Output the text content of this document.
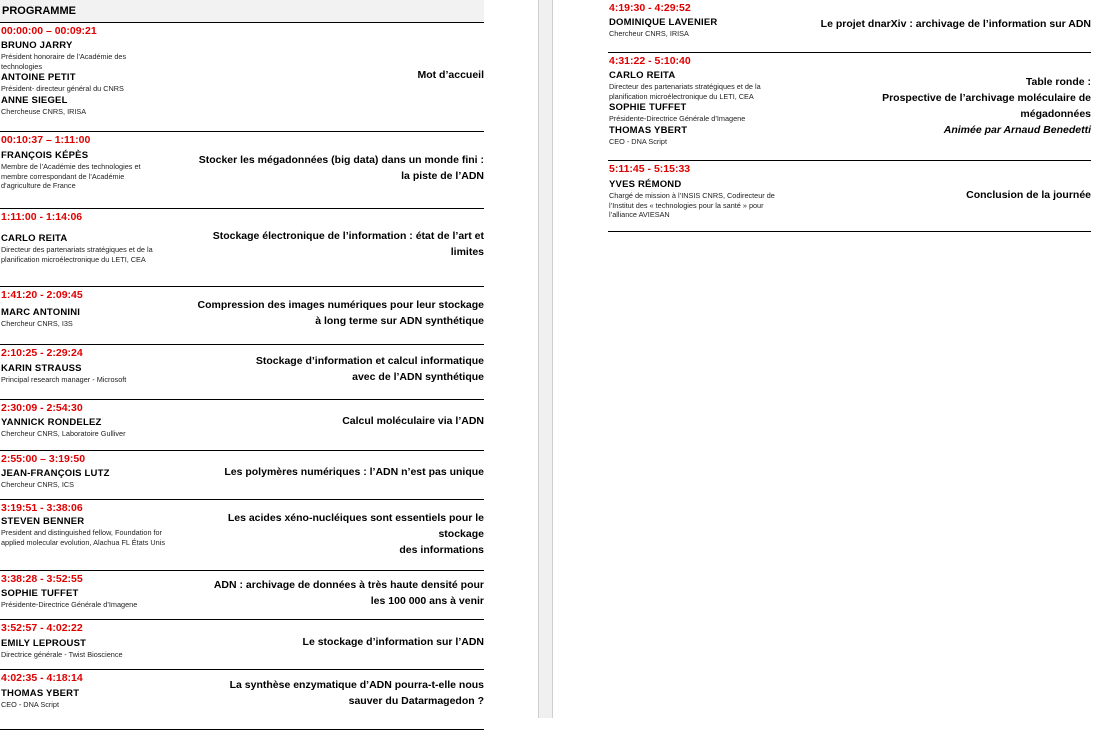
PROGRAMME
00:00:00 – 00:09:21
BRUNO JARRY
Président honoraire de l'Académie des technologies
ANTOINE PETIT
Président- directeur général du CNRS
ANNE SIEGEL
Chercheuse CNRS, IRISA
Mot d’accueil
00:10:37 – 1:11:00
FRANÇOIS KÉPÈS
Membre de l’Académie des technologies et membre correspondant de l’Académie d’agriculture de France
Stocker les mégadonnées (big data) dans un monde fini :
la piste de l’ADN
1:11:00 - 1:14:06
CARLO REITA
Directeur des partenariats stratégiques et de la planification microélectronique du LETI, CEA
Stockage électronique de l’information : état de l’art et
limites
1:41:20 - 2:09:45
MARC ANTONINI
Chercheur CNRS, I3S
Compression des images numériques pour leur stockage
à long terme sur ADN synthétique
2:10:25 - 2:29:24
KARIN STRAUSS
Principal research manager - Microsoft
Stockage d’information et calcul informatique
avec de l’ADN synthétique
2:30:09 - 2:54:30
YANNICK RONDELEZ
Chercheur CNRS, Laboratoire Gulliver
Calcul moléculaire via l’ADN
2:55:00 – 3:19:50
JEAN-FRANÇOIS LUTZ
Chercheur CNRS, ICS
Les polymères numériques : l’ADN n’est pas unique
3:19:51 - 3:38:06
STEVEN BENNER
President and distinguished fellow, Foundation for applied molecular evolution, Alachua FL États Unis
Les acides xéno-nucléiques sont essentiels pour le
stockage
des informations
3:38:28 - 3:52:55
SOPHIE TUFFET
Présidente-Directrice Générale d’Imagene
ADN : archivage de données à très haute densité pour
les 100 000 ans à venir
3:52:57 - 4:02:22
EMILY LEPROUST
Directrice générale - Twist Bioscience
Le stockage d’information sur l’ADN
4:02:35 - 4:18:14
THOMAS YBERT
CEO - DNA Script
La synthèse enzymatique d’ADN pourra-t-elle nous
sauver du Datarmagedon ?
4:19:30 - 4:29:52
DOMINIQUE LAVENIER
Chercheur CNRS, IRISA
Le projet dnarXiv : archivage de l’information sur ADN
4:31:22 - 5:10:40
CARLO REITA
Directeur des partenariats stratégiques et de la planification microélectronique du LETI, CEA
SOPHIE TUFFET
Présidente-Directrice Générale d’Imagene
THOMAS YBERT
CEO - DNA Script
Table ronde :
Prospective de l’archivage moléculaire de
mégadonnées
Animée par Arnaud Benedetti
5:11:45 - 5:15:33
YVES RÉMOND
Chargé de mission à l’INSIS CNRS, Codirecteur de l’Institut des « technologies pour la santé » pour l’alliance AVIESAN
Conclusion de la journée
